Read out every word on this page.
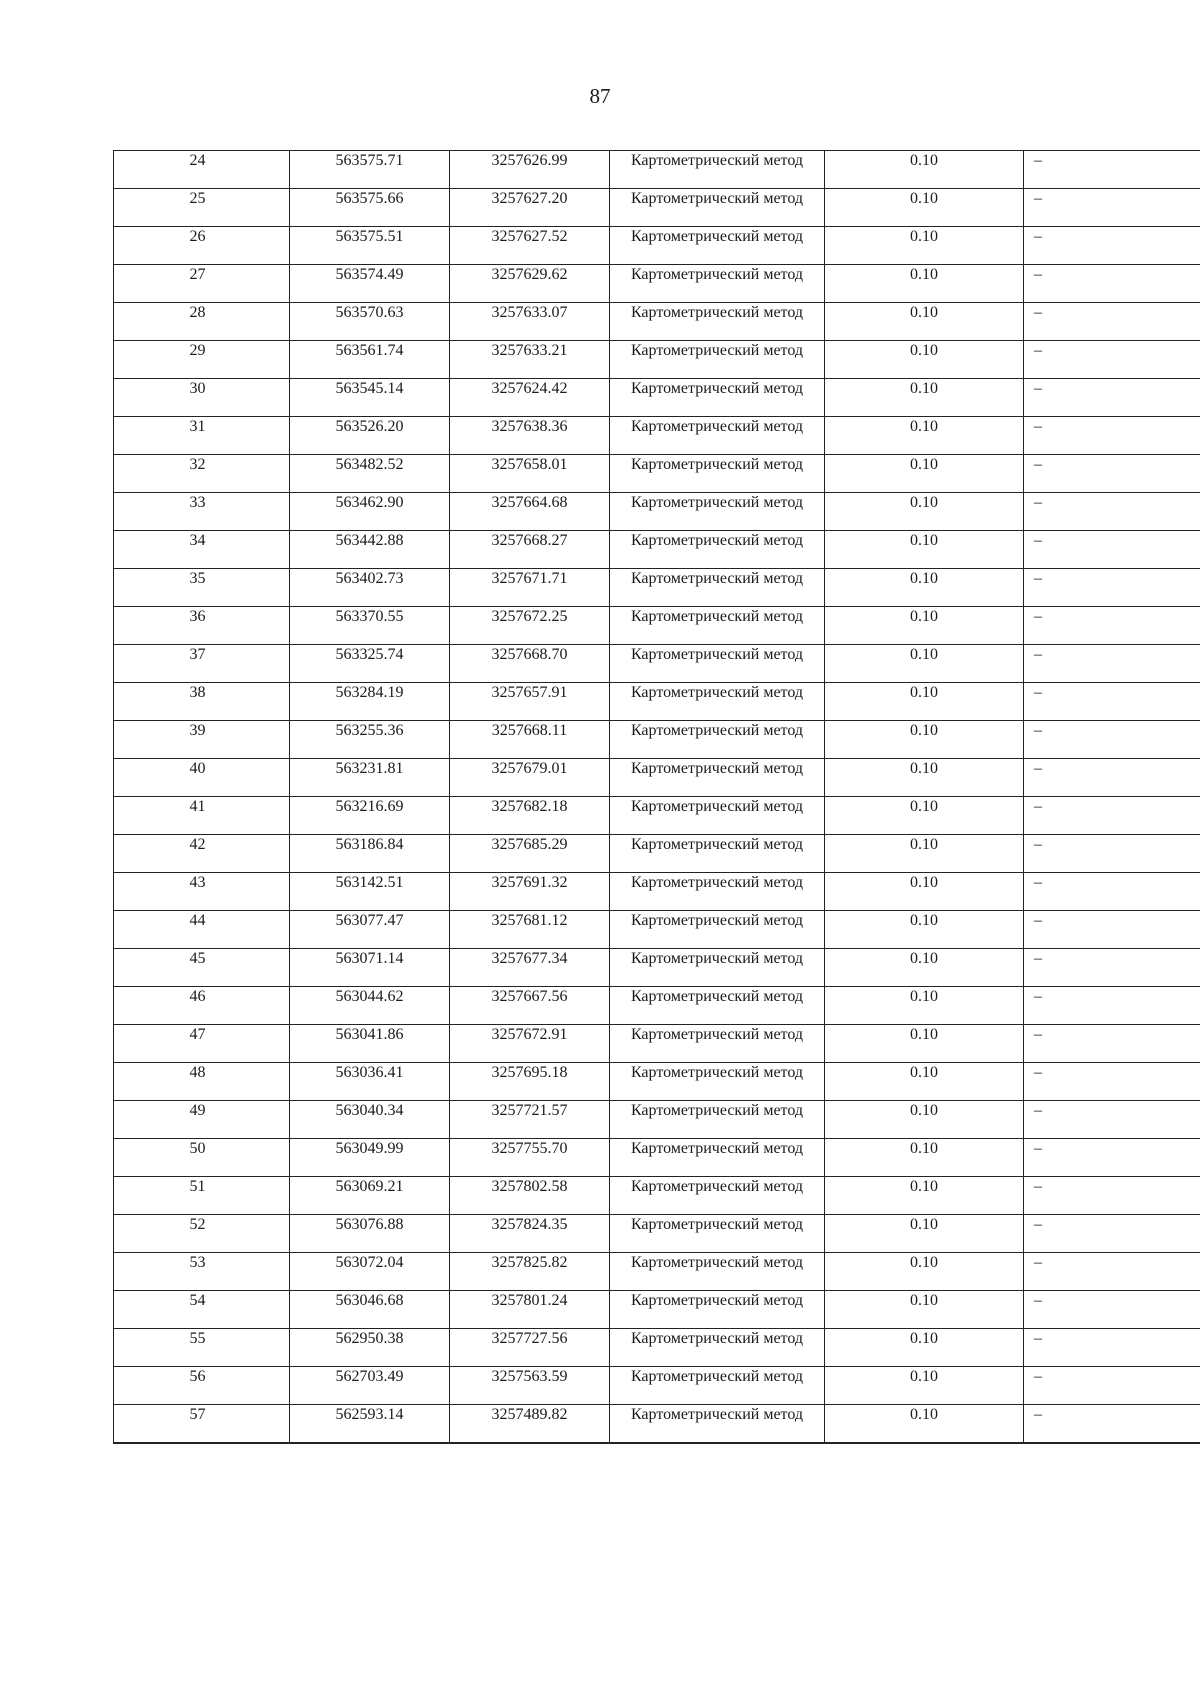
87
24	563575.71	3257626.99	Картометрический метод	0.10	–
25	563575.66	3257627.20	Картометрический метод	0.10	–
26	563575.51	3257627.52	Картометрический метод	0.10	–
27	563574.49	3257629.62	Картометрический метод	0.10	–
28	563570.63	3257633.07	Картометрический метод	0.10	–
29	563561.74	3257633.21	Картометрический метод	0.10	–
30	563545.14	3257624.42	Картометрический метод	0.10	–
31	563526.20	3257638.36	Картометрический метод	0.10	–
32	563482.52	3257658.01	Картометрический метод	0.10	–
33	563462.90	3257664.68	Картометрический метод	0.10	–
34	563442.88	3257668.27	Картометрический метод	0.10	–
35	563402.73	3257671.71	Картометрический метод	0.10	–
36	563370.55	3257672.25	Картометрический метод	0.10	–
37	563325.74	3257668.70	Картометрический метод	0.10	–
38	563284.19	3257657.91	Картометрический метод	0.10	–
39	563255.36	3257668.11	Картометрический метод	0.10	–
40	563231.81	3257679.01	Картометрический метод	0.10	–
41	563216.69	3257682.18	Картометрический метод	0.10	–
42	563186.84	3257685.29	Картометрический метод	0.10	–
43	563142.51	3257691.32	Картометрический метод	0.10	–
44	563077.47	3257681.12	Картометрический метод	0.10	–
45	563071.14	3257677.34	Картометрический метод	0.10	–
46	563044.62	3257667.56	Картометрический метод	0.10	–
47	563041.86	3257672.91	Картометрический метод	0.10	–
48	563036.41	3257695.18	Картометрический метод	0.10	–
49	563040.34	3257721.57	Картометрический метод	0.10	–
50	563049.99	3257755.70	Картометрический метод	0.10	–
51	563069.21	3257802.58	Картометрический метод	0.10	–
52	563076.88	3257824.35	Картометрический метод	0.10	–
53	563072.04	3257825.82	Картометрический метод	0.10	–
54	563046.68	3257801.24	Картометрический метод	0.10	–
55	562950.38	3257727.56	Картометрический метод	0.10	–
56	562703.49	3257563.59	Картометрический метод	0.10	–
57	562593.14	3257489.82	Картометрический метод	0.10	–
